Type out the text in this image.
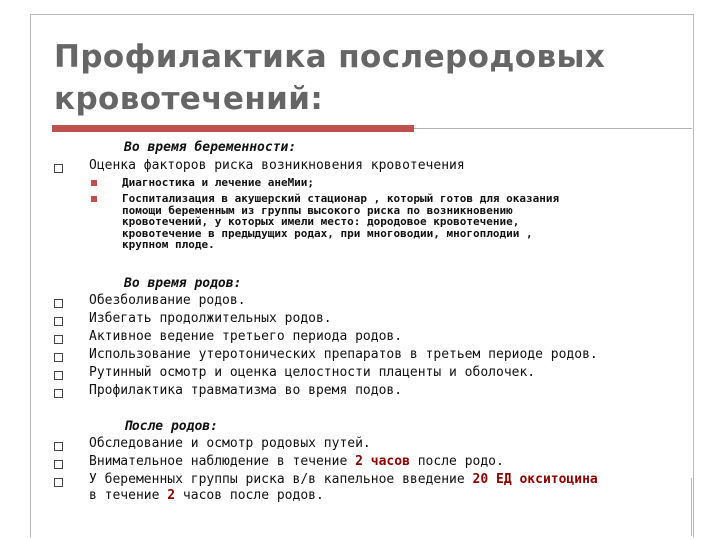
Профилактика послеродовых
кровотечений:
Во время беременности:
Оценка факторов риска возникновения кровотечения
Диагностика и лечение анеМии;
Госпитализация в акушерский стационар , который готов для оказания
помощи беременным из группы высокого риска по возникновению
кровотечений, у которых имели место: дородовое кровотечение,
кровотечение в предыдущих родах, при многоводии, многоплодии ,
крупном плоде.
Во время родов:
Обезболивание родов.
Избегать продолжительных родов.
Активное ведение третьего периода родов.
Использование утеротонических препаратов в третьем периоде родов.
Рутинный осмотр и оценка целостности плаценты и оболочек.
Профилактика травматизма во время подов.
После родов:
Обследование и осмотр родовых путей.
Внимательное наблюдение в течение 2 часов после родо.
У беременных группы риска в/в капельное введение 20 ЕД окситоцина
в течение 2 часов после родов.
